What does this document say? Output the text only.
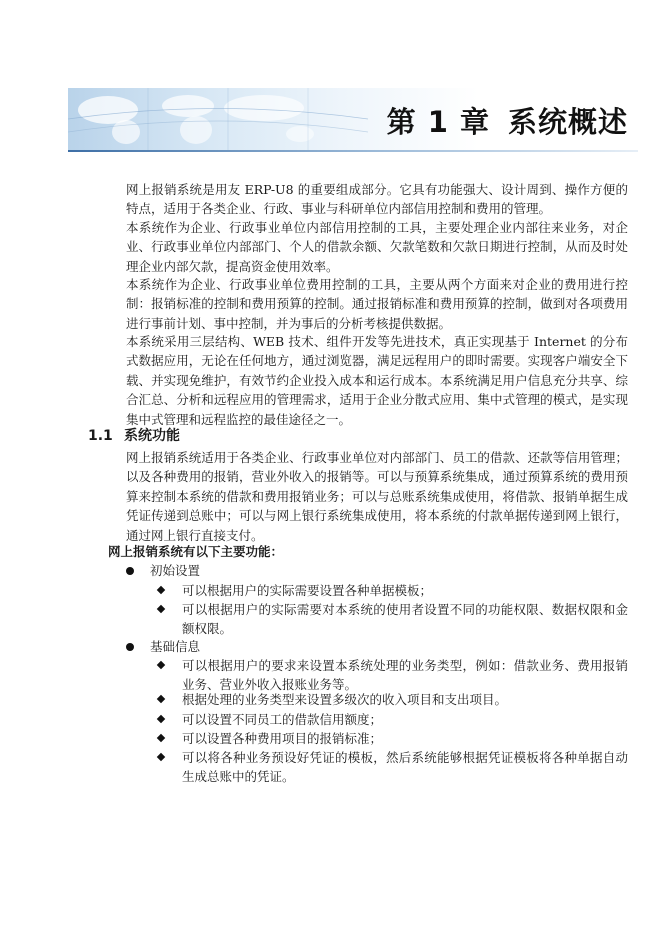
第 1 章 系统概述

网上报销系统是用友 ERP-U8 的重要组成部分。它具有功能强大、设计周到、操作方便的特点，适用于各类企业、行政、事业与科研单位内部信用控制和费用的管理。

本系统作为企业、行政事业单位内部信用控制的工具，主要处理企业内部往来业务，对企业、行政事业单位内部部门、个人的借款余额、欠款笔数和欠款日期进行控制，从而及时处理企业内部欠款，提高资金使用效率。

本系统作为企业、行政事业单位费用控制的工具，主要从两个方面来对企业的费用进行控制：报销标准的控制和费用预算的控制。通过报销标准和费用预算的控制，做到对各项费用进行事前计划、事中控制，并为事后的分析考核提供数据。

本系统采用三层结构、WEB 技术、组件开发等先进技术，真正实现基于 Internet 的分布式数据应用，无论在任何地方，通过浏览器，满足远程用户的即时需要。实现客户端安全下载、并实现免维护，有效节约企业投入成本和运行成本。本系统满足用户信息充分共享、综合汇总、分析和远程应用的管理需求，适用于企业分散式应用、集中式管理的模式，是实现集中式管理和远程监控的最佳途径之一。

1.1 系统功能

网上报销系统适用于各类企业、行政事业单位对内部部门、员工的借款、还款等信用管理；以及各种费用的报销，营业外收入的报销等。可以与预算系统集成，通过预算系统的费用预算来控制本系统的借款和费用报销业务；可以与总账系统集成使用，将借款、报销单据生成凭证传递到总账中；可以与网上银行系统集成使用，将本系统的付款单据传递到网上银行，通过网上银行直接支付。

网上报销系统有以下主要功能：

初始设置
可以根据用户的实际需要设置各种单据模板；
可以根据用户的实际需要对本系统的使用者设置不同的功能权限、数据权限和金额权限。
基础信息
可以根据用户的要求来设置本系统处理的业务类型，例如：借款业务、费用报销业务、营业外收入报账业务等。
根据处理的业务类型来设置多级次的收入项目和支出项目。
可以设置不同员工的借款信用额度；
可以设置各种费用项目的报销标准；
可以将各种业务预设好凭证的模板，然后系统能够根据凭证模板将各种单据自动生成总账中的凭证。
